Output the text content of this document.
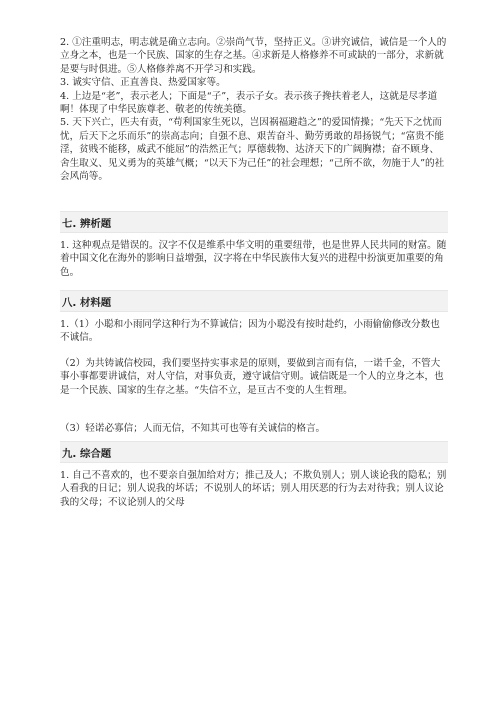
2. ①注重明志，明志就是确立志向。②崇尚气节，坚持正义。③讲究诚信，诚信是一个人的立身之本，也是一个民族、国家的生存之基。④求新是人格修养不可或缺的一部分，求新就是要与时俱进。⑤人格修养离不开学习和实践。

3. 诚实守信、正直善良、热爱国家等。

4. 上边是“老”，表示老人；下面是“子”，表示子女。表示孩子搀扶着老人，这就是尽孝道啊！体现了中华民族尊老、敬老的传统美德。

5. 天下兴亡，匹夫有责，“苟利国家生死以，岂因祸福避趋之”的爱国情操；“先天下之忧而忧，后天下之乐而乐”的崇高志向；自强不息、艰苦奋斗、勤劳勇敢的昂扬锐气；“富贵不能淫，贫贱不能移，威武不能屈”的浩然正气；厚德载物、达济天下的广阔胸襟；奋不顾身、舍生取义、见义勇为的英雄气概；“以天下为己任”的社会理想；“己所不欲，勿施于人”的社会风尚等。

七. 辨析题
1. 这种观点是错误的。汉字不仅是维系中华文明的重要纽带，也是世界人民共同的财富。随着中国文化在海外的影响日益增强，汉字将在中华民族伟大复兴的进程中扮演更加重要的角色。
八. 材料题
1.（1）小聪和小雨同学这种行为不算诚信；因为小聪没有按时赴约，小雨偷偷修改分数也不诚信。
（2）为共铸诚信校园，我们要坚持实事求是的原则，要做到言而有信，一诺千金，不管大事小事都要讲诚信，对人守信，对事负责，遵守诚信守则。诚信既是一个人的立身之本，也是一个民族、国家的生存之基。“失信不立，是亘古不变的人生哲理。
（3）轻诺必寡信；人而无信，不知其可也等有关诚信的格言。
九. 综合题
1. 自己不喜欢的，也不要亲自强加给对方；推己及人；不欺负别人；别人谈论我的隐私；别人看我的日记；别人说我的坏话；不说别人的坏话；别人用厌恶的行为去对待我；别人议论我的父母；不议论别人的父母
